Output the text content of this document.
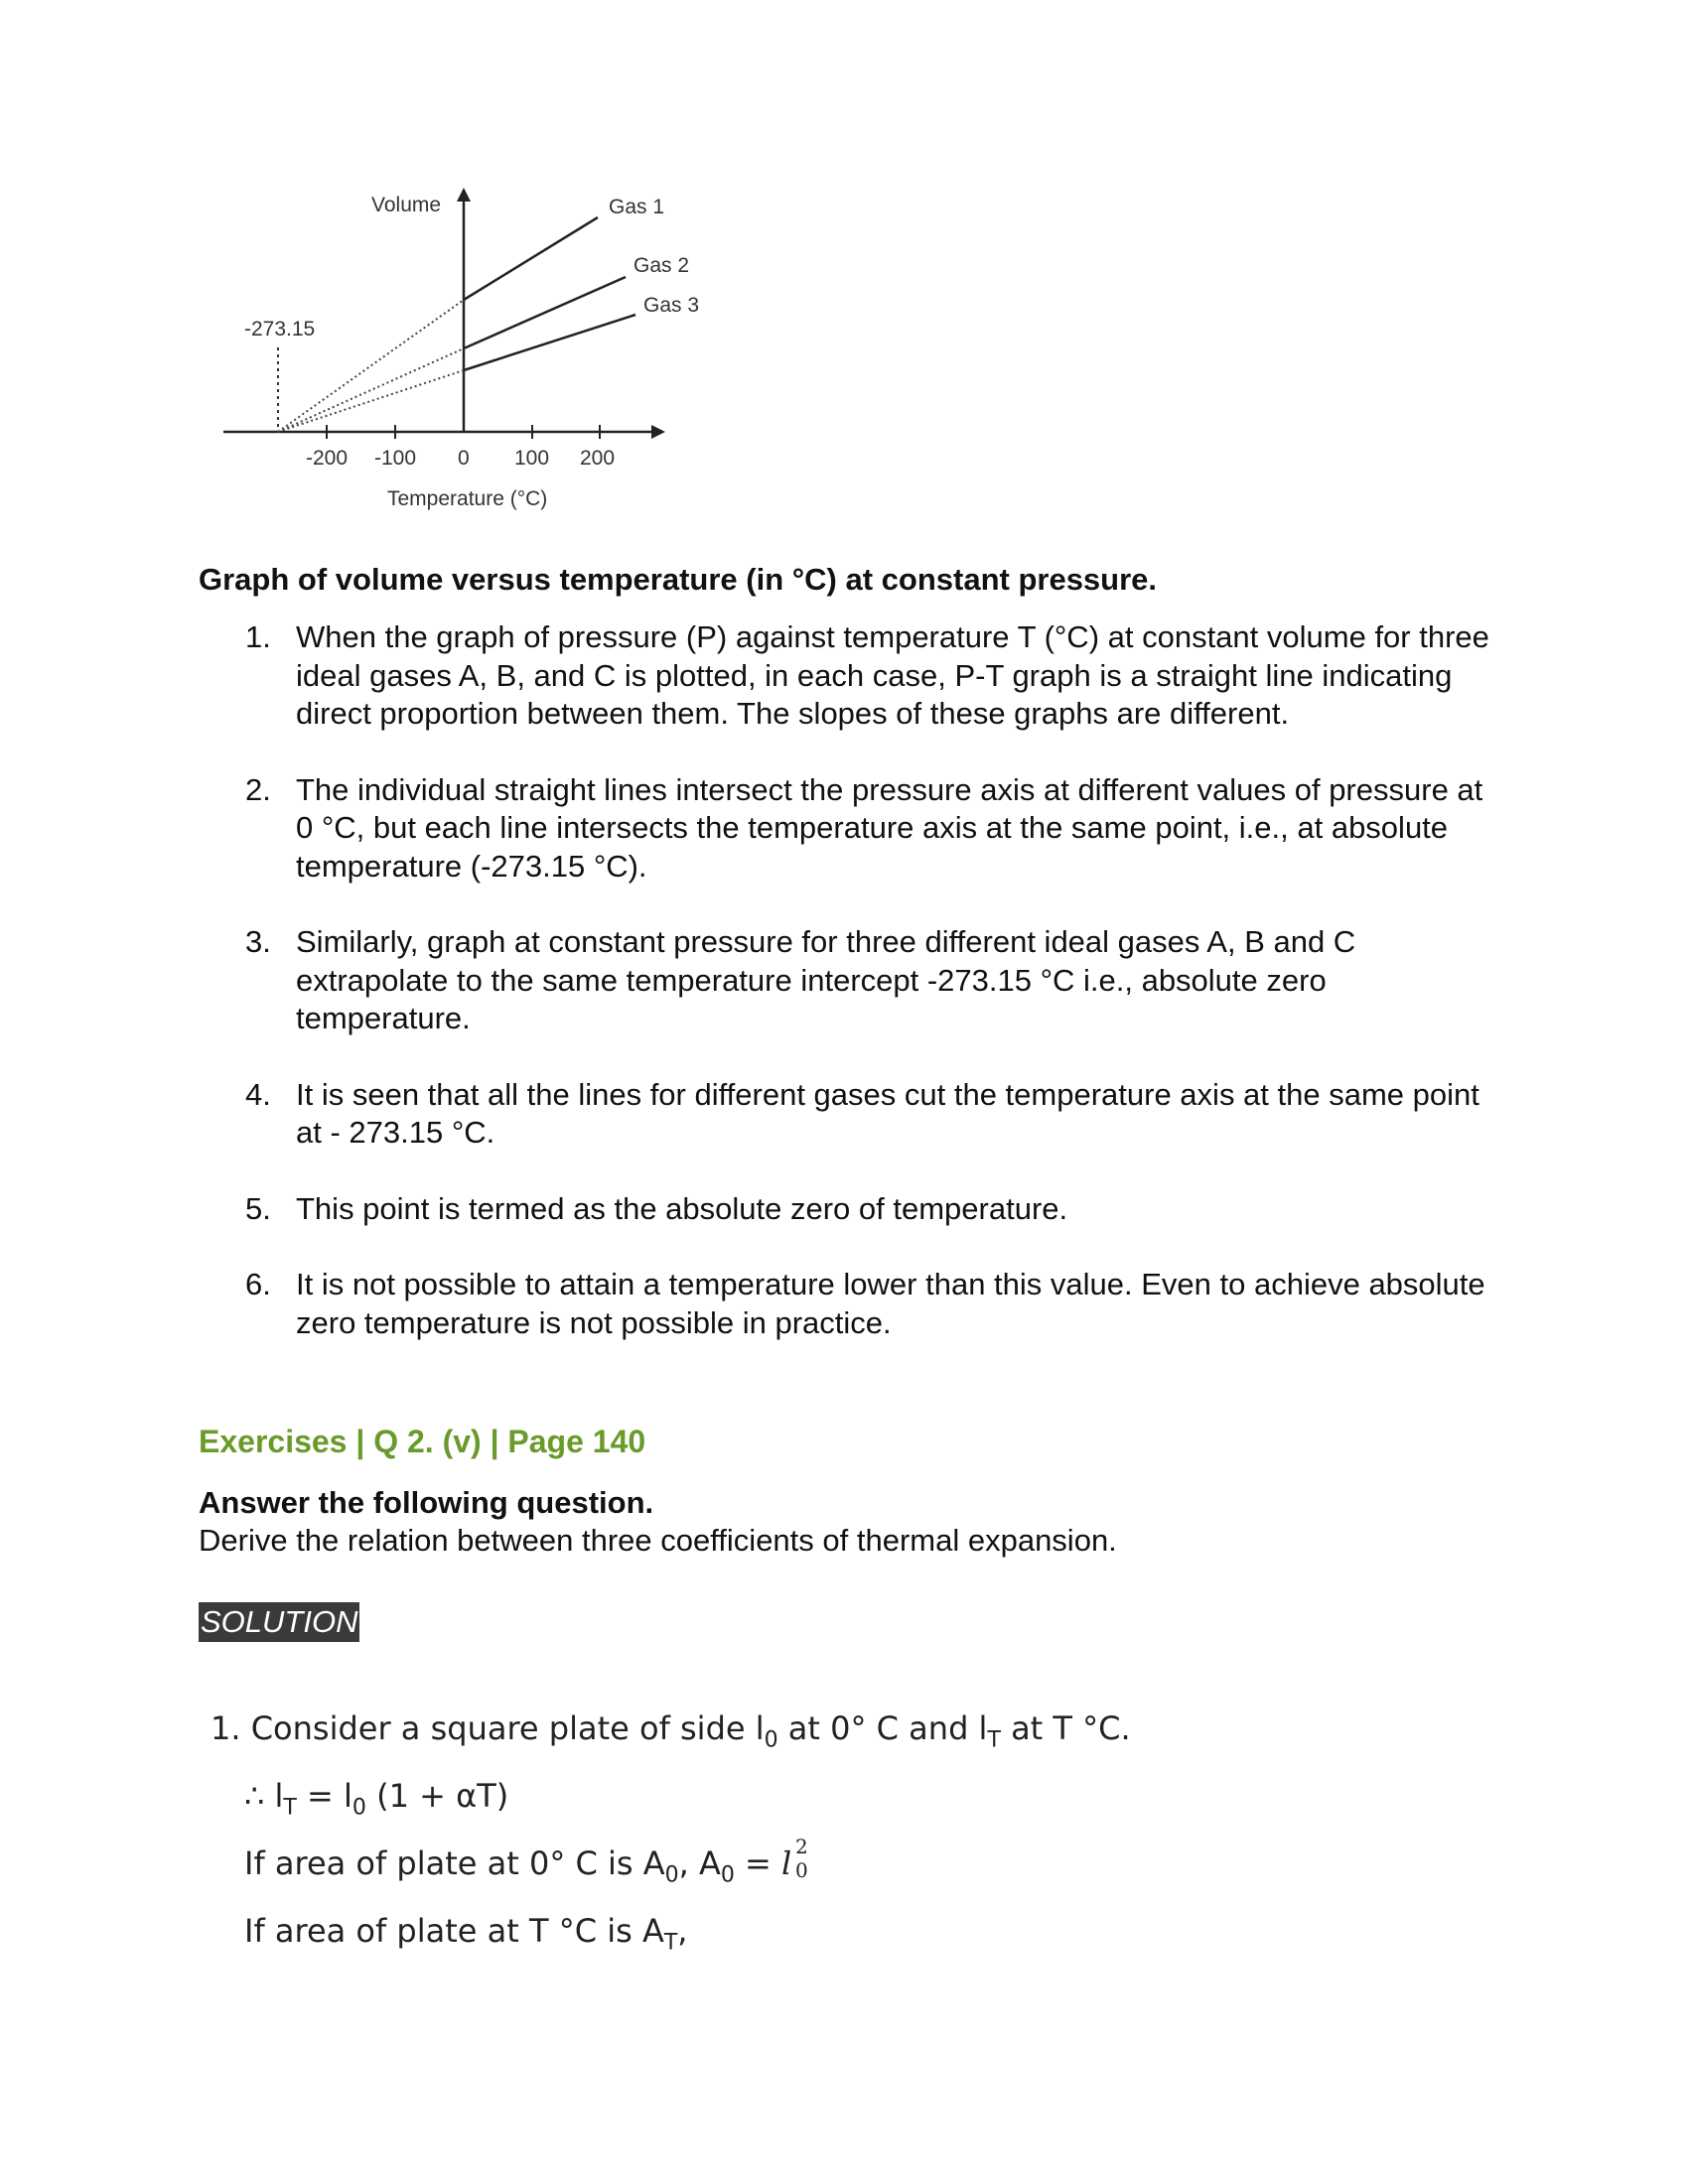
Volume	Gas 1
Gas 2
Gas 3
-273.15
-200 -100 0 100 200
Temperature (°C)
Graph of volume versus temperature (in °C) at constant pressure.
1. When the graph of pressure (P) against temperature T (°C) at constant volume for three ideal gases A, B, and C is plotted, in each case, P-T graph is a straight line indicating direct proportion between them. The slopes of these graphs are different.
2. The individual straight lines intersect the pressure axis at different values of pressure at 0 °C, but each line intersects the temperature axis at the same point, i.e., at absolute temperature (-273.15 °C).
3. Similarly, graph at constant pressure for three different ideal gases A, B and C extrapolate to the same temperature intercept -273.15 °C i.e., absolute zero temperature.
4. It is seen that all the lines for different gases cut the temperature axis at the same point at - 273.15 °C.
5. This point is termed as the absolute zero of temperature.
6. It is not possible to attain a temperature lower than this value. Even to achieve absolute zero temperature is not possible in practice.
Exercises | Q 2. (v) | Page 140
Answer the following question.
Derive the relation between three coefficients of thermal expansion.
SOLUTION
1. Consider a square plate of side $l_0$ at 0° C and $l_T$ at T °C.
∴ $l_T = l_0$ (1 + αT)
If area of plate at 0° C is $A_0$, $A_0 = l$ 2
0
If area of plate at T °C is $A_T$,
